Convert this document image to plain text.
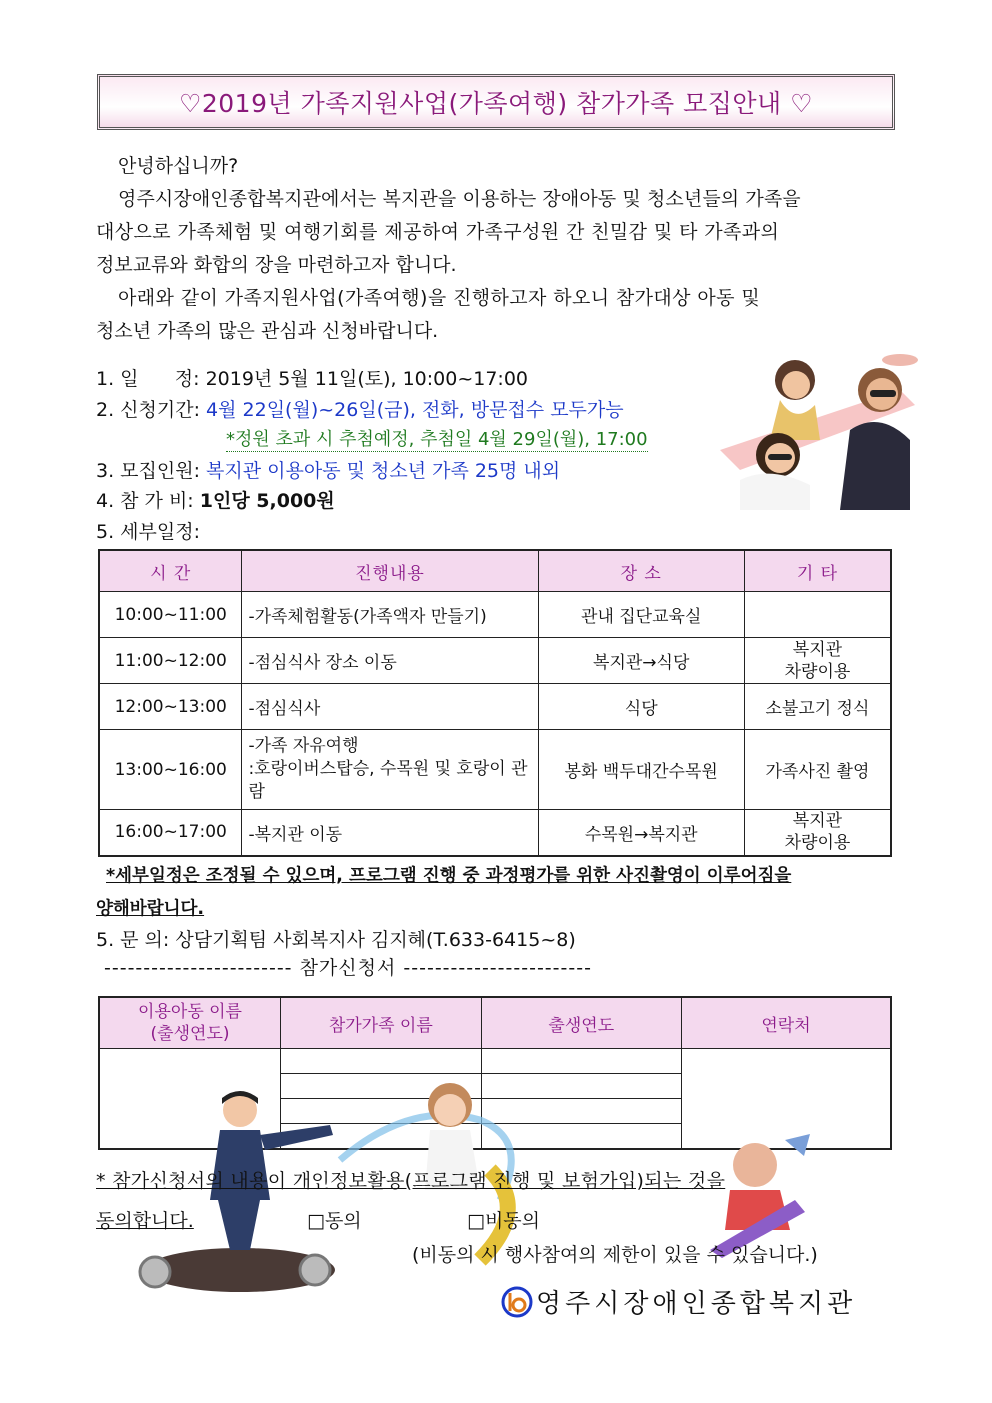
♡2019년 가족지원사업(가족여행) 참가가족 모집안내 ♡
안녕하십니까?
영주시장애인종합복지관에서는 복지관을 이용하는 장애아동 및 청소년들의 가족을
대상으로 가족체험 및 여행기회를 제공하여 가족구성원 간 친밀감 및 타 가족과의
정보교류와 화합의 장을 마련하고자 합니다.
아래와 같이 가족지원사업(가족여행)을 진행하고자 하오니 참가대상 아동 및
청소년 가족의 많은 관심과 신청바랍니다.
1. 일      정: 2019년 5월 11일(토), 10:00~17:00
2. 신청기간: 4월 22일(월)~26일(금), 전화, 방문접수 모두가능
*정원 초과 시 추첨예정, 추첨일 4월 29일(월), 17:00
3. 모집인원: 복지관 이용아동 및 청소년 가족 25명 내외
4. 참 가 비: 1인당 5,000원
5. 세부일정:
시 간	진행내용	장 소	기 타
10:00~11:00	-가족체험활동(가족액자 만들기)	관내 집단교육실	
11:00~12:00	-점심식사 장소 이동	복지관→식당	복지관
차량이용
12:00~13:00	-점심식사	식당	소불고기 정식
13:00~16:00	-가족 자유여행
:호랑이버스탑승, 수목원 및 호랑이 관람	봉화 백두대간수목원	가족사진 촬영
16:00~17:00	-복지관 이동	수목원→복지관	복지관
차량이용
*세부일정은 조정될 수 있으며, 프로그램 진행 중 과정평가를 위한 사진촬영이 이루어짐을
양해바랍니다.
5. 문 의: 상담기획팀 사회복지사 김지혜(T.633-6415~8)
------------------------ 참가신청서 ------------------------
이용아동 이름
(출생연도)	참가가족 이름	출생연도	연락처

* 참가신청서의 내용이 개인정보활용(프로그램 진행 및 보험가입)되는 것을
동의합니다.	□동의	□비동의
(비동의 시 행사참여의 제한이 있을 수 있습니다.)
영주시장애인종합복지관
